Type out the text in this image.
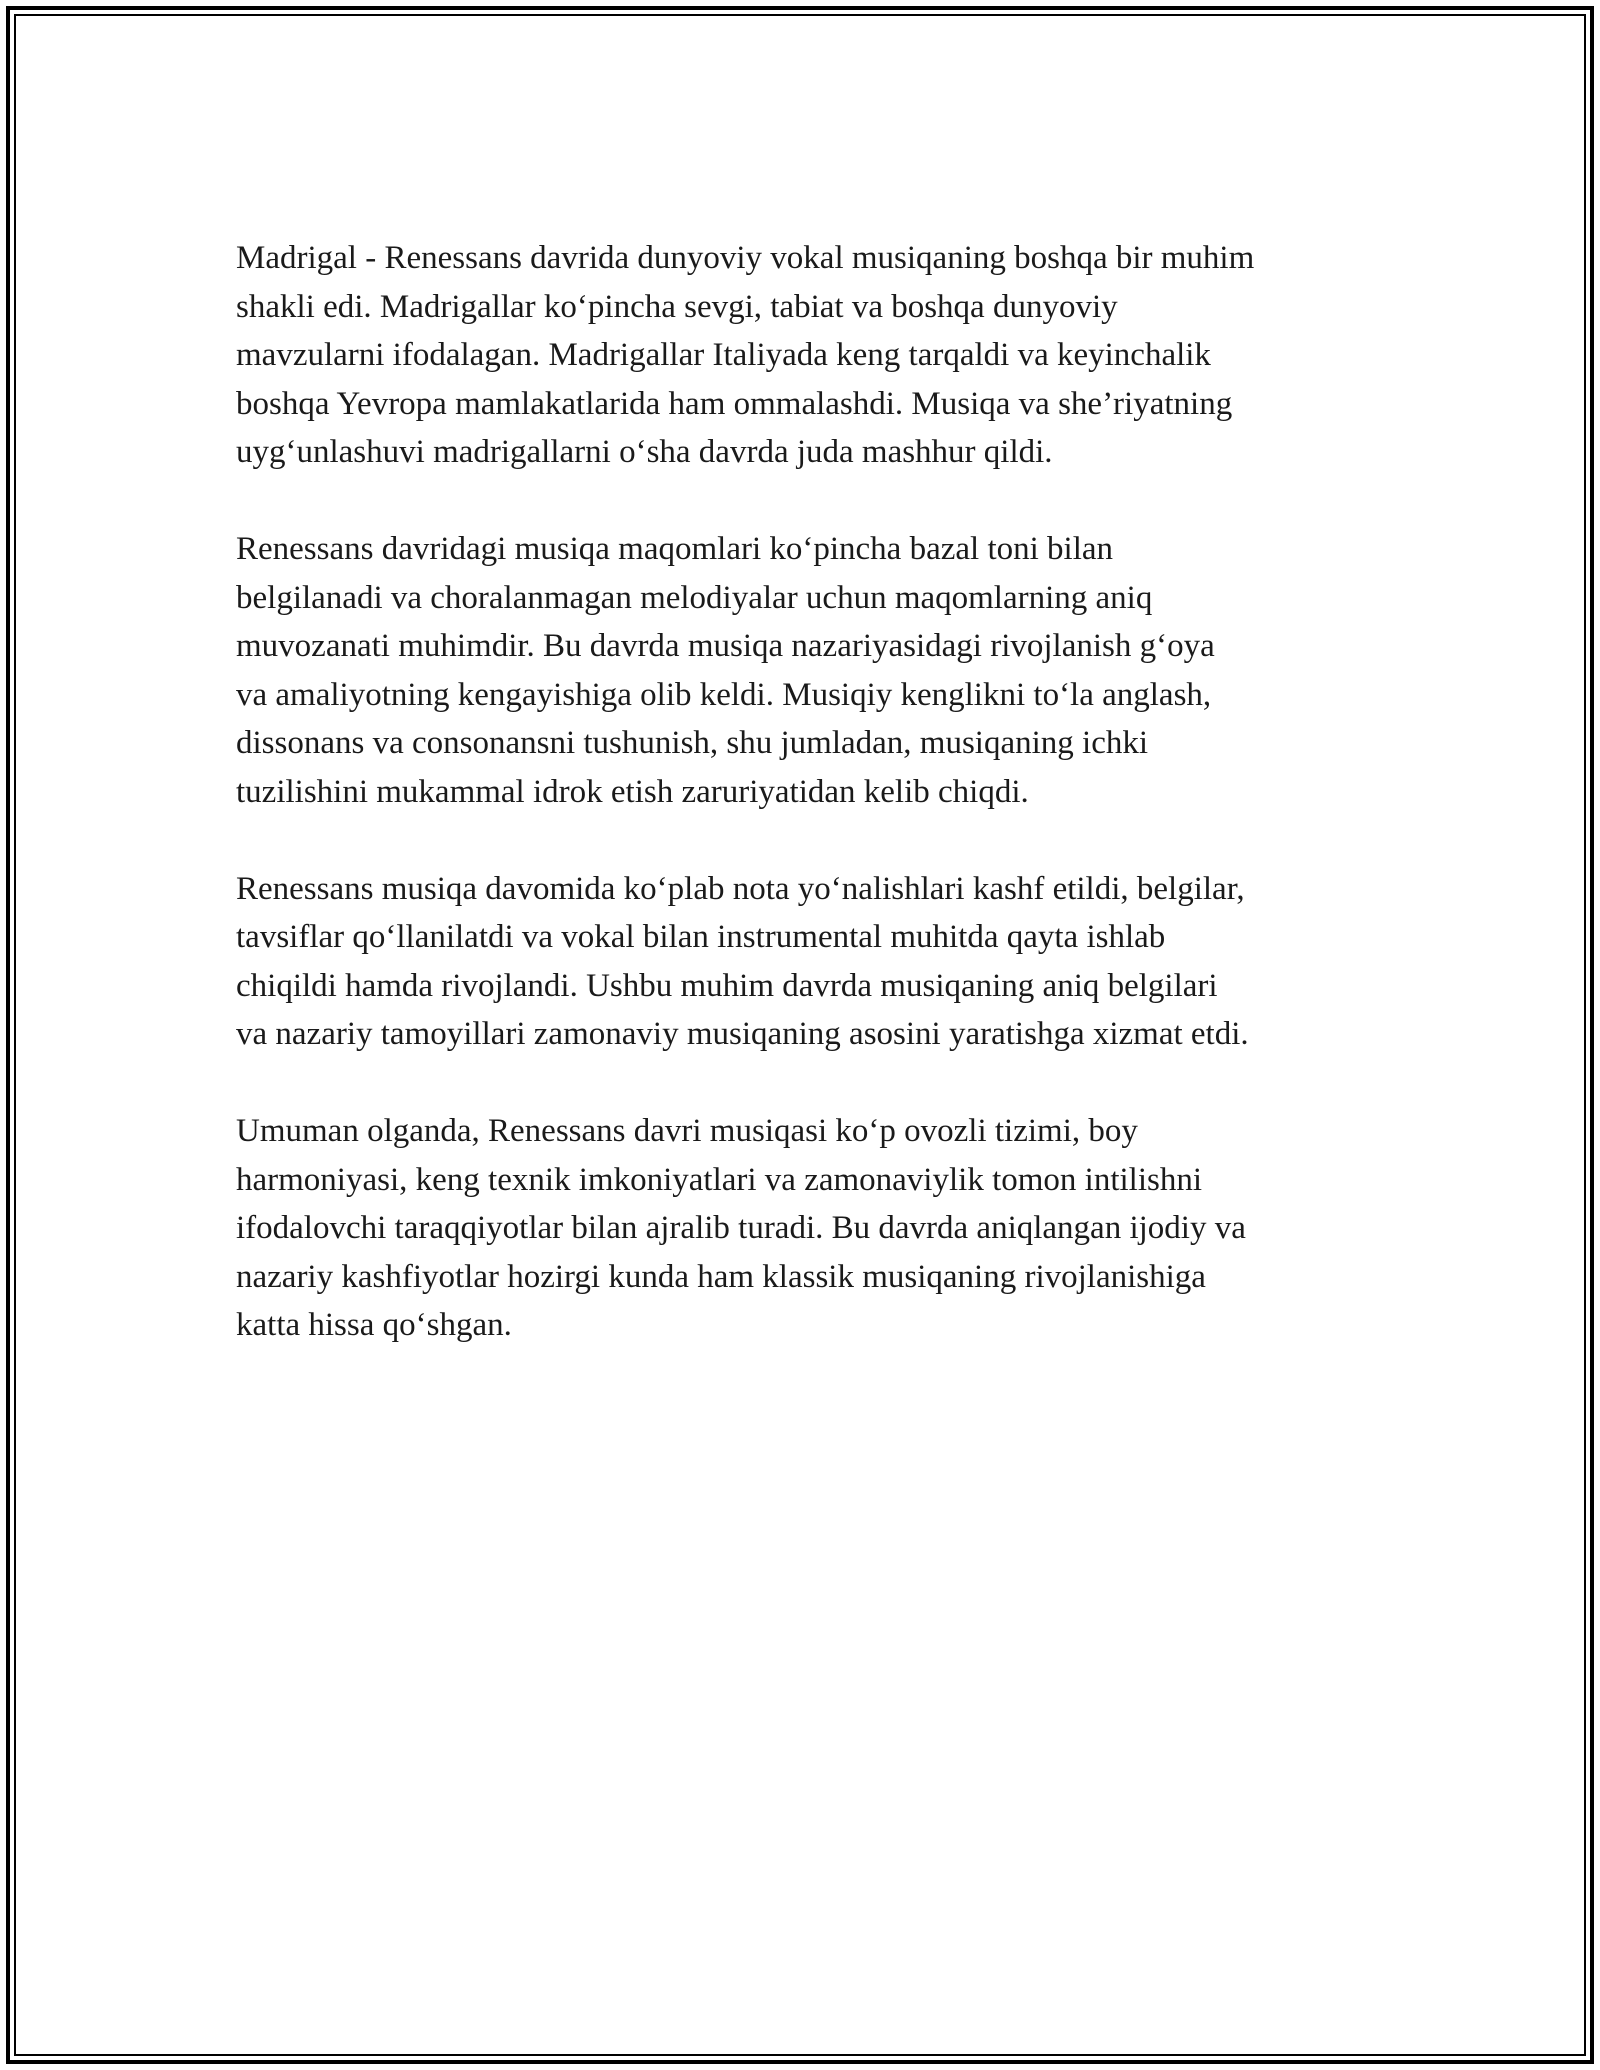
Madrigal - Renessans davrida dunyoviy vokal musiqaning boshqa bir muhim
shakli edi. Madrigallar ko‘pincha sevgi, tabiat va boshqa dunyoviy
mavzularni ifodalagan. Madrigallar Italiyada keng tarqaldi va keyinchalik
boshqa Yevropa mamlakatlarida ham ommalashdi. Musiqa va she’riyatning
uyg‘unlashuvi madrigallarni o‘sha davrda juda mashhur qildi.

Renessans davridagi musiqa maqomlari ko‘pincha bazal toni bilan
belgilanadi va choralanmagan melodiyalar uchun maqomlarning aniq
muvozanati muhimdir. Bu davrda musiqa nazariyasidagi rivojlanish g‘oya
va amaliyotning kengayishiga olib keldi. Musiqiy kenglikni to‘la anglash,
dissonans va consonansni tushunish, shu jumladan, musiqaning ichki
tuzilishini mukammal idrok etish zaruriyatidan kelib chiqdi.

Renessans musiqa davomida ko‘plab nota yo‘nalishlari kashf etildi, belgilar,
tavsiflar qo‘llanilatdi va vokal bilan instrumental muhitda qayta ishlab
chiqildi hamda rivojlandi. Ushbu muhim davrda musiqaning aniq belgilari
va nazariy tamoyillari zamonaviy musiqaning asosini yaratishga xizmat etdi.

Umuman olganda, Renessans davri musiqasi ko‘p ovozli tizimi, boy
harmoniyasi, keng texnik imkoniyatlari va zamonaviylik tomon intilishni
ifodalovchi taraqqiyotlar bilan ajralib turadi. Bu davrda aniqlangan ijodiy va
nazariy kashfiyotlar hozirgi kunda ham klassik musiqaning rivojlanishiga
katta hissa qo‘shgan.
